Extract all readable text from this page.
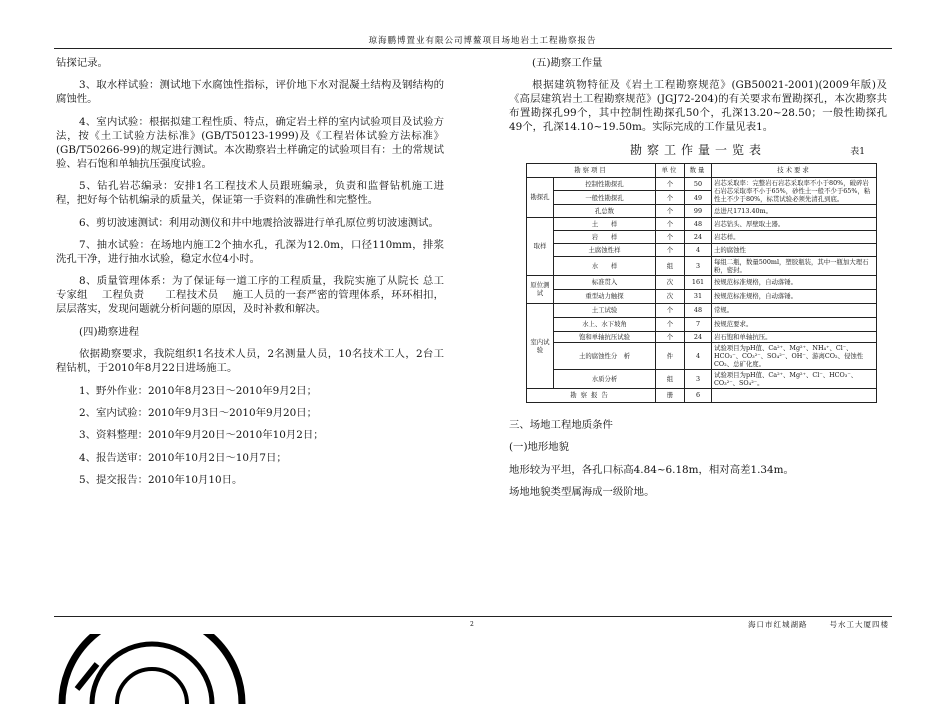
琼海鹏博置业有限公司博鳌项目场地岩土工程勘察报告

钻探记录。

3、取水样试验：测试地下水腐蚀性指标，评价地下水对混凝土结构及钢结构的腐蚀性。

4、室内试验：根据拟建工程性质、特点，确定岩土样的室内试验项目及试验方法，按《土工试验方法标准》(GB/T50123-1999)及《工程岩体试验方法标准》(GB/T50266-99)的规定进行测试。本次勘察岩土样确定的试验项目有：土的常规试验、岩石饱和单轴抗压强度试验。

5、钻孔岩芯编录：安排1名工程技术人员跟班编录，负责和监督钻机施工进程，把好每个钻机编录的质量关，保证第一手资料的准确性和完整性。

6、剪切波速测试：利用动测仪和井中地震拾波器进行单孔原位剪切波速测试。

7、抽水试验：在场地内施工2个抽水孔，孔深为12.0m，口径110mm，排浆洗孔干净，进行抽水试验，稳定水位4小时。

8、质量管理体系：为了保证每一道工序的工程质量，我院实施了从院长 总工　 专家组　 工程负责　　工程技术员　 施工人员的一套严密的管理体系，环环相扣，层层落实，发现问题就分析问题的原因，及时补救和解决。

(四)勘察进程

依据勘察要求，我院组织1名技术人员，2名测量人员，10名技术工人，2台工程钻机，于2010年8月22日进场施工。

1、野外作业：2010年8月23日～2010年9月2日；

2、室内试验：2010年9月3日～2010年9月20日；

3、资料整理：2010年9月20日～2010年10月2日；

4、报告送审：2010年10月2日～10月7日；

5、提交报告：2010年10月10日。

(五)勘察工作量

根据建筑物特征及《岩土工程勘察规范》(GB50021-2001)(2009年版)及《高层建筑岩土工程勘察规范》(JGJ72-204)的有关要求布置勘探孔，本次勘察共布置勘探孔99个，其中控制性勘探孔50个，孔深13.20~28.50；一般性勘探孔49个，孔深14.10~19.50m。实际完成的工作量见表1。

勘察工作量一览表	表1
勘察项目		单位	数量	技术要求
勘探孔	控制性勘探孔	个	50	岩芯采取率：完整岩石岩芯采取率不小于80%，破碎岩石岩芯采取率不小于65%，砂性土一般不少于65%，粘性土不少于80%，标贯试验必须先清孔到底。
	一般性勘探孔	个	49	
	孔总数	个	99	总进尺1713.40m。
取样	土　　样	个	48	岩芯钻头、厚壁取土器。
	岩　　样	个	24	岩芯样。
	土腐蚀性样	个	4	土的腐蚀性
	水　　样	组	3	每组二瓶，数量500ml，塑胶瓶装，其中一瓶加大理石粉，密封。
原位测试	标准贯入	次	161	按规范标准规格，自动落锤。
	重型动力触探	次	31	按规范标准规格，自动落锤。
室内试验	土工试验	个	48	常规。
	水上、水下坡角	个	7	按规范要求。
	饱和单轴抗压试验	个	24	岩石饱和单轴抗压。
	土的腐蚀性分　析	件	4	试验项目为pH值、Ca²⁺、Mg²⁺、NH₄⁺、Cl⁻、HCO₃⁻、CO₃²⁻、SO₄²⁻、OH⁻、游离CO₂、侵蚀性CO₂、总矿化度。
	水质分析	组	3	试验项目为pH值、Ca²⁺、Mg²⁺、Cl⁻、HCO₃⁻、CO₃²⁻、SO₄²⁻。
勘察报告		册	6	

三、场地工程地质条件

(一)地形地貌

地形较为平坦，各孔口标高4.84~6.18m，相对高差1.34m。

场地地貌类型属海成一级阶地。

2	海口市红城湖路	号水工大厦四楼
